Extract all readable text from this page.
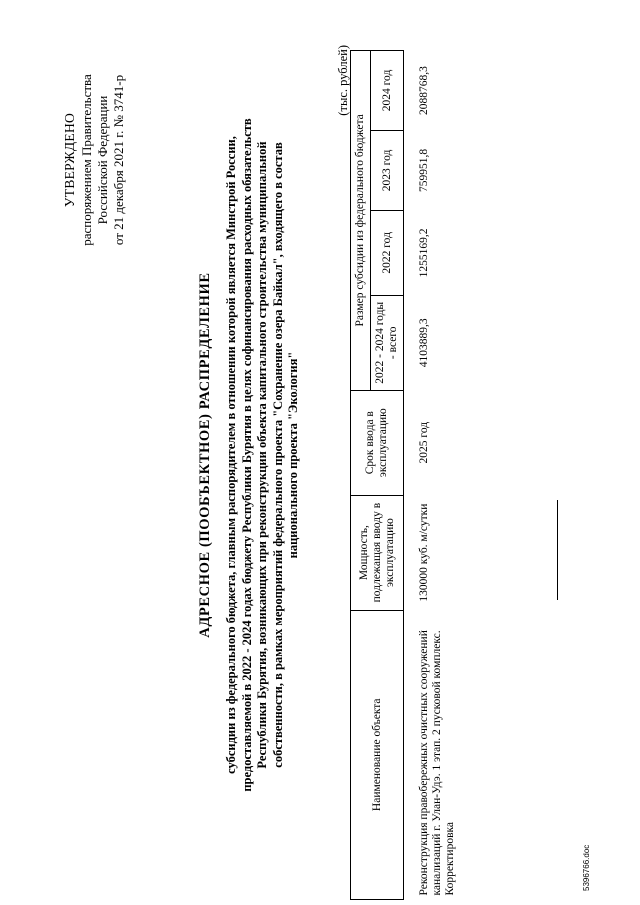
УТВЕРЖДЕНО распоряжением Правительства Российской Федерации от 21 декабря 2021 г. № 3741-р
АДРЕСНОЕ (ПООБЪЕКТНОЕ) РАСПРЕДЕЛЕНИЕ субсидии из федерального бюджета, главным распорядителем в отношении которой является Минстрой России, предоставляемой в 2022 - 2024 годах бюджету Республики Бурятия в целях софинансирования расходных обязательств Республики Бурятия, возникающих при реконструкции объекта капитального строительства муниципальной собственности, в рамках мероприятий федерального проекта "Сохранение озера Байкал", входящего в состав национального проекта "Экология"
(тыс. рублей)
Наименование объекта	Мощность, подлежащая вводу в эксплуатацию	Срок ввода в эксплуатацию	Размер субсидии из федерального бюджета			
			2022 - 2024 годы - всего	2022 год	2023 год	2024 год
Реконструкция правобережных очистных сооружений канализаций г. Улан-Удэ. 1 этап. 2 пусковой комплекс. Корректировка	130000 куб. м/сутки	2025 год	4103889,3	1255169,2	759951,8	2088768,3
5396766.doc
